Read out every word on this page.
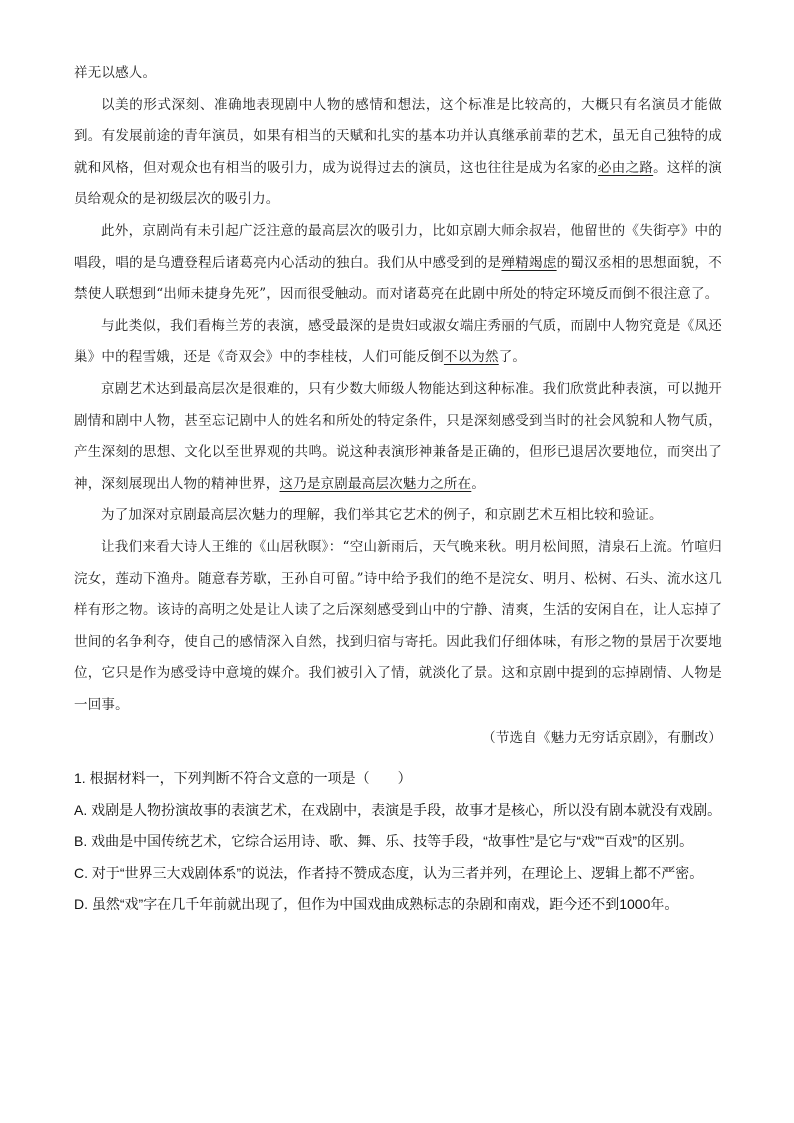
祥无以感人。

以美的形式深刻、准确地表现剧中人物的感情和想法，这个标准是比较高的，大概只有名演员才能做到。有发展前途的青年演员，如果有相当的天赋和扎实的基本功并认真继承前辈的艺术，虽无自己独特的成就和风格，但对观众也有相当的吸引力，成为说得过去的演员，这也往往是成为名家的必由之路。这样的演员给观众的是初级层次的吸引力。

此外，京剧尚有未引起广泛注意的最高层次的吸引力，比如京剧大师余叔岩，他留世的《失街亭》中的唱段，唱的是乌遭登程后诸葛亮内心活动的独白。我们从中感受到的是殚精竭虑的蜀汉丞相的思想面貌，不禁使人联想到“出师未捷身先死”，因而很受触动。而对诸葛亮在此剧中所处的特定环境反而倒不很注意了。

与此类似，我们看梅兰芳的表演，感受最深的是贵妇或淑女端庄秀丽的气质，而剧中人物究竟是《凤还巢》中的程雪娥，还是《奇双会》中的李桂枝，人们可能反倒不以为然了。

京剧艺术达到最高层次是很难的，只有少数大师级人物能达到这种标准。我们欣赏此种表演，可以抛开剧情和剧中人物，甚至忘记剧中人的姓名和所处的特定条件，只是深刻感受到当时的社会风貌和人物气质，产生深刻的思想、文化以至世界观的共鸣。说这种表演形神兼备是正确的，但形已退居次要地位，而突出了神，深刻展现出人物的精神世界，这乃是京剧最高层次魅力之所在。

为了加深对京剧最高层次魅力的理解，我们举其它艺术的例子，和京剧艺术互相比较和验证。

让我们来看大诗人王维的《山居秋暝》：“空山新雨后，天气晚来秋。明月松间照，清泉石上流。竹喧归浣女，莲动下渔舟。随意春芳歇，王孙自可留。”诗中给予我们的绝不是浣女、明月、松树、石头、流水这几样有形之物。该诗的高明之处是让人读了之后深刻感受到山中的宁静、清爽，生活的安闲自在，让人忘掉了世间的名争利夺，使自己的感情深入自然，找到归宿与寄托。因此我们仔细体味，有形之物的景居于次要地位，它只是作为感受诗中意境的媒介。我们被引入了情，就淡化了景。这和京剧中提到的忘掉剧情、人物是一回事。

（节选自《魅力无穷话京剧》，有删改）

1. 根据材料一，下列判断不符合文意的一项是（　　）

A. 戏剧是人物扮演故事的表演艺术，在戏剧中，表演是手段，故事才是核心，所以没有剧本就没有戏剧。

B. 戏曲是中国传统艺术，它综合运用诗、歌、舞、乐、技等手段，“故事性”是它与“戏”“百戏”的区别。

C. 对于“世界三大戏剧体系”的说法，作者持不赞成态度，认为三者并列，在理论上、逻辑上都不严密。

D. 虽然“戏”字在几千年前就出现了，但作为中国戏曲成熟标志的杂剧和南戏，距今还不到1000年。
